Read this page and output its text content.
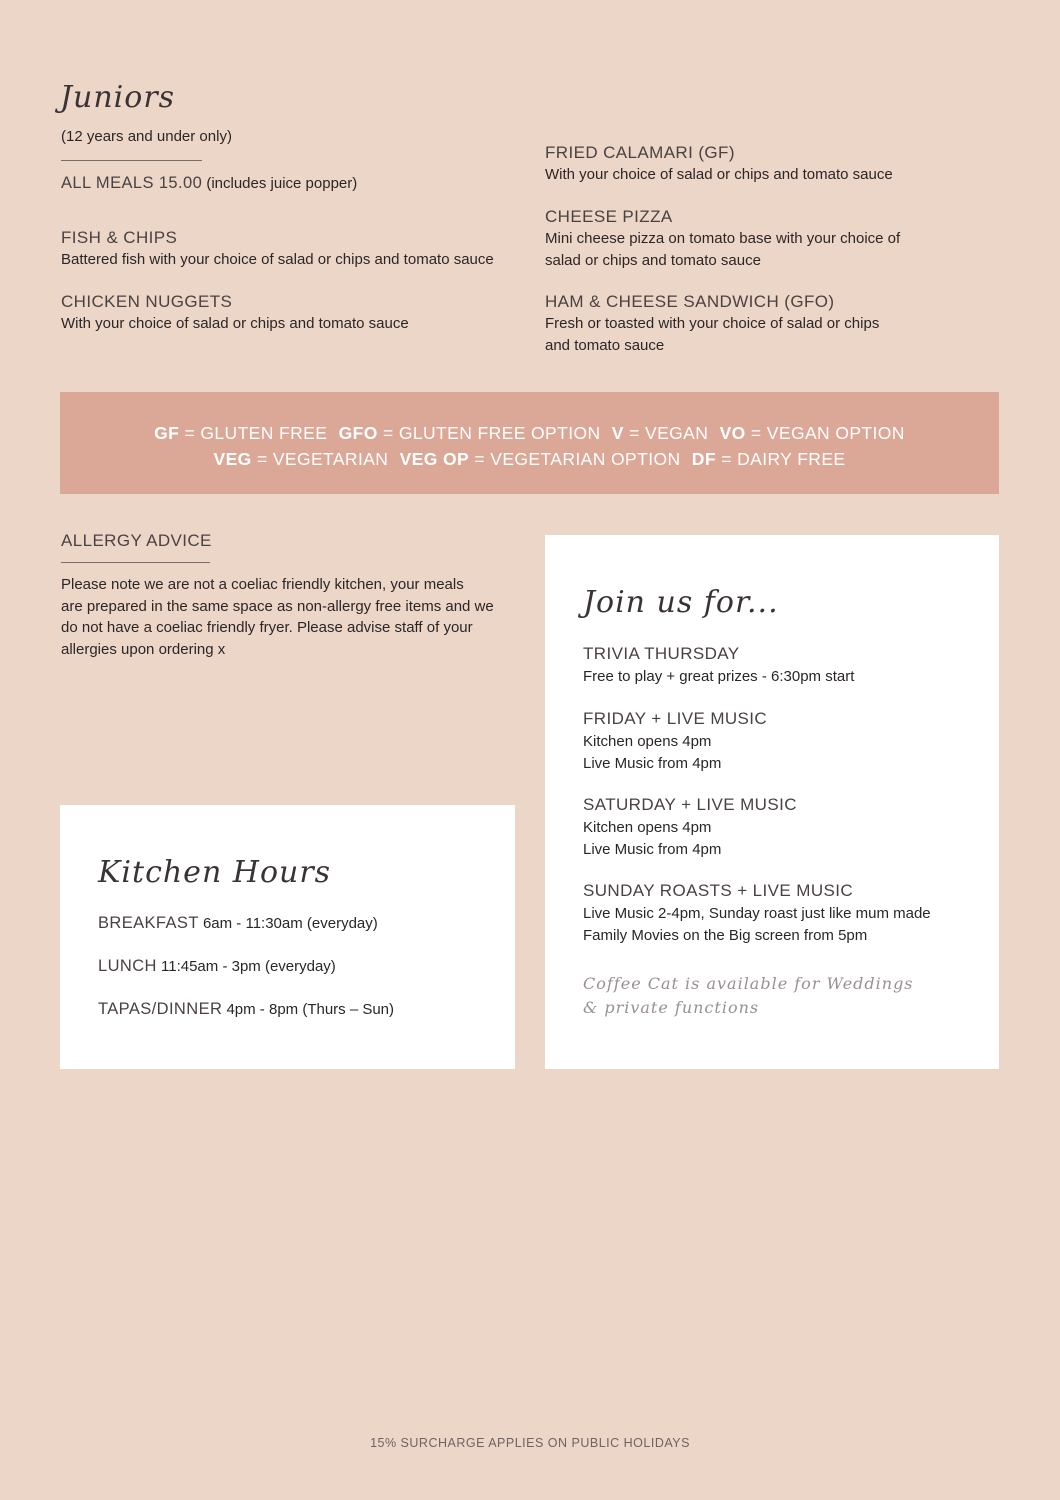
Juniors
(12 years and under only)
ALL MEALS 15.00 (includes juice popper)
FISH & CHIPS
Battered fish with your choice of salad or chips and tomato sauce
CHICKEN NUGGETS
With your choice of salad or chips and tomato sauce
FRIED CALAMARI (GF)
With your choice of salad or chips and tomato sauce
CHEESE PIZZA
Mini cheese pizza on tomato base with your choice of
salad or chips and tomato sauce
HAM & CHEESE SANDWICH (GFO)
Fresh or toasted with your choice of salad or chips
and tomato sauce
GF = GLUTEN FREE GFO = GLUTEN FREE OPTION V = VEGAN VO = VEGAN OPTION
VEG = VEGETARIAN VEG OP = VEGETARIAN OPTION DF = DAIRY FREE
ALLERGY ADVICE
Please note we are not a coeliac friendly kitchen, your meals
are prepared in the same space as non-allergy free items and we
do not have a coeliac friendly fryer. Please advise staff of your
allergies upon ordering x
Kitchen Hours
BREAKFAST 6am - 11:30am (everyday)
LUNCH 11:45am - 3pm (everyday)
TAPAS/DINNER 4pm - 8pm (Thurs – Sun)
Join us for...
TRIVIA THURSDAY
Free to play + great prizes - 6:30pm start
FRIDAY + LIVE MUSIC
Kitchen opens 4pm
Live Music from 4pm
SATURDAY + LIVE MUSIC
Kitchen opens 4pm
Live Music from 4pm
SUNDAY ROASTS + LIVE MUSIC
Live Music 2-4pm, Sunday roast just like mum made
Family Movies on the Big screen from 5pm
Coffee Cat is available for Weddings
& private functions
15% SURCHARGE APPLIES ON PUBLIC HOLIDAYS
